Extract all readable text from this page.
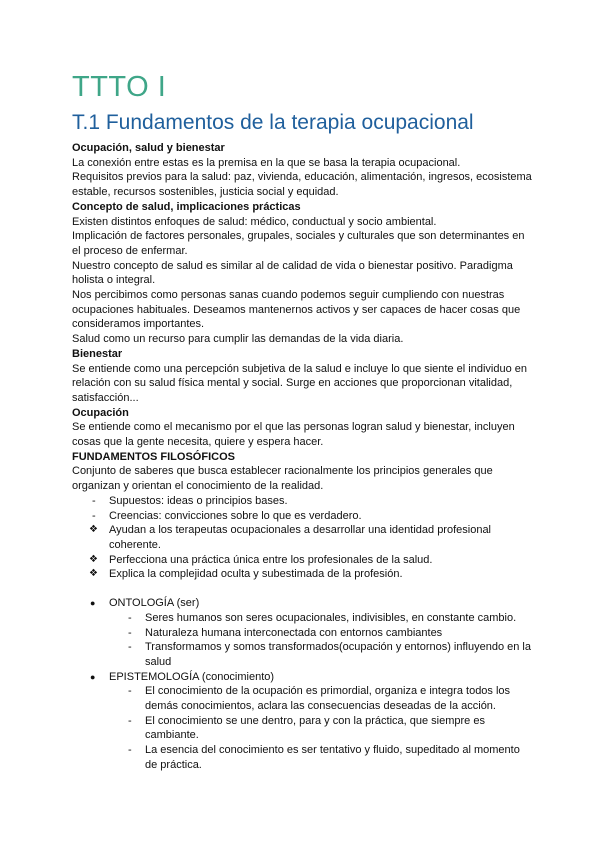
TTTO I
T.1 Fundamentos de la terapia ocupacional

Ocupación, salud y bienestar

La conexión entre estas es la premisa en la que se basa la terapia ocupacional.

Requisitos previos para la salud: paz, vivienda, educación, alimentación, ingresos, ecosistema estable, recursos sostenibles, justicia social y equidad.

Concepto de salud, implicaciones prácticas

Existen distintos enfoques de salud: médico, conductual y socio ambiental.

Implicación de factores personales, grupales, sociales y culturales que son determinantes en el proceso de enfermar.

Nuestro concepto de salud es similar al de calidad de vida o bienestar positivo. Paradigma holista o integral.

Nos percibimos como personas sanas cuando podemos seguir cumpliendo con nuestras ocupaciones habituales. Deseamos mantenernos activos y ser capaces de hacer cosas que consideramos importantes.

Salud como un recurso para cumplir las demandas de la vida diaria.

Bienestar

Se entiende como una percepción subjetiva de la salud e incluye lo que siente el individuo en relación con su salud física mental y social. Surge en acciones que proporcionan vitalidad, satisfacción...

Ocupación

Se entiende como el mecanismo por el que las personas logran salud y bienestar, incluyen cosas que la gente necesita, quiere y espera hacer.

FUNDAMENTOS FILOSÓFICOS

Conjunto de saberes que busca establecer racionalmente los principios generales que organizan y orientan el conocimiento de la realidad.

- Supuestos: ideas o principios bases.
- Creencias: convicciones sobre lo que es verdadero.
❖ Ayudan a los terapeutas ocupacionales a desarrollar una identidad profesional coherente.
❖ Perfecciona una práctica única entre los profesionales de la salud.
❖ Explica la complejidad oculta y subestimada de la profesión.
● ONTOLOGÍA (ser)
- Seres humanos son seres ocupacionales, indivisibles, en constante cambio.
- Naturaleza humana interconectada con entornos cambiantes
- Transformamos y somos transformados(ocupación y entornos) influyendo en la salud
● EPISTEMOLOGÍA (conocimiento)
- El conocimiento de la ocupación es primordial, organiza e integra todos los demás conocimientos, aclara las consecuencias deseadas de la acción.
- El conocimiento se une dentro, para y con la práctica, que siempre es cambiante.
- La esencia del conocimiento es ser tentativo y fluido, supeditado al momento de práctica.
